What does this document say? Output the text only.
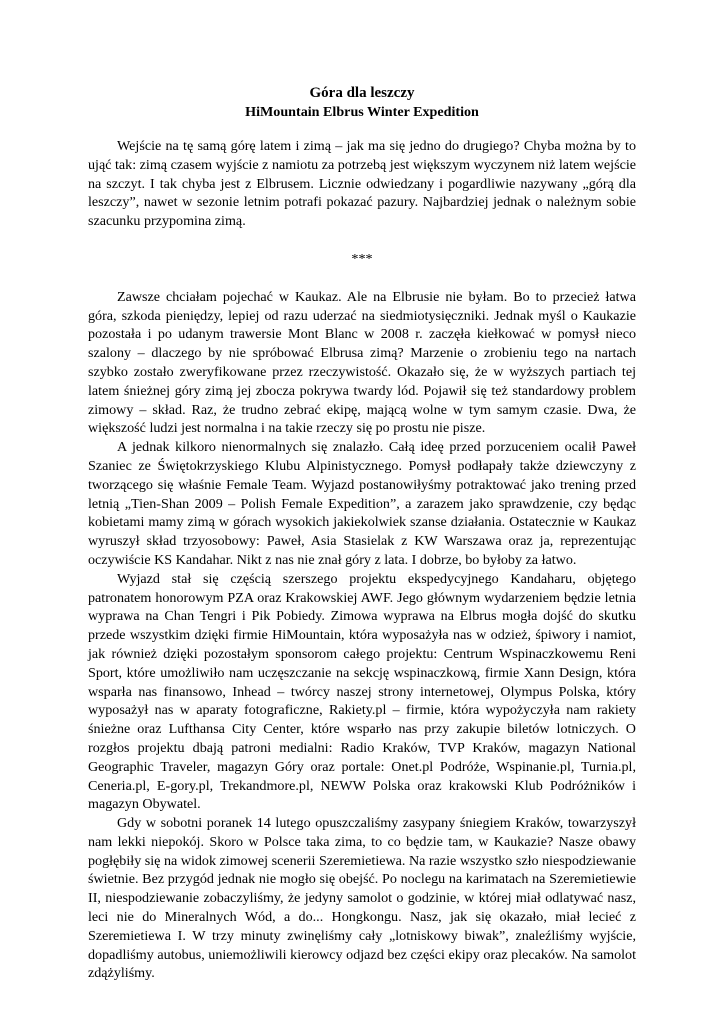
Góra dla leszczy
HiMountain Elbrus Winter Expedition

Wejście na tę samą górę latem i zimą – jak ma się jedno do drugiego? Chyba można by to ująć tak: zimą czasem wyjście z namiotu za potrzebą jest większym wyczynem niż latem wejście na szczyt. I tak chyba jest z Elbrusem. Licznie odwiedzany i pogardliwie nazywany „górą dla leszczy”, nawet w sezonie letnim potrafi pokazać pazury. Najbardziej jednak o należnym sobie szacunku przypomina zimą.

***

Zawsze chciałam pojechać w Kaukaz. Ale na Elbrusie nie byłam. Bo to przecież łatwa góra, szkoda pieniędzy, lepiej od razu uderzać na siedmiotysięczniki. Jednak myśl o Kaukazie pozostała i po udanym trawersie Mont Blanc w 2008 r. zaczęła kiełkować w pomysł nieco szalony – dlaczego by nie spróbować Elbrusa zimą? Marzenie o zrobieniu tego na nartach szybko zostało zweryfikowane przez rzeczywistość. Okazało się, że w wyższych partiach tej latem śnieżnej góry zimą jej zbocza pokrywa twardy lód. Pojawił się też standardowy problem zimowy – skład. Raz, że trudno zebrać ekipę, mającą wolne w tym samym czasie. Dwa, że większość ludzi jest normalna i na takie rzeczy się po prostu nie pisze.

A jednak kilkoro nienormalnych się znalazło. Całą ideę przed porzuceniem ocalił Paweł Szaniec ze Świętokrzyskiego Klubu Alpinistycznego. Pomysł podłapały także dziewczyny z tworzącego się właśnie Female Team. Wyjazd postanowiłyśmy potraktować jako trening przed letnią „Tien-Shan 2009 – Polish Female Expedition”, a zarazem jako sprawdzenie, czy będąc kobietami mamy zimą w górach wysokich jakiekolwiek szanse działania. Ostatecznie w Kaukaz wyruszył skład trzyosobowy: Paweł, Asia Stasielak z KW Warszawa oraz ja, reprezentując oczywiście KS Kandahar. Nikt z nas nie znał góry z lata. I dobrze, bo byłoby za łatwo.

Wyjazd stał się częścią szerszego projektu ekspedycyjnego Kandaharu, objętego patronatem honorowym PZA oraz Krakowskiej AWF. Jego głównym wydarzeniem będzie letnia wyprawa na Chan Tengri i Pik Pobiedy. Zimowa wyprawa na Elbrus mogła dojść do skutku przede wszystkim dzięki firmie HiMountain, która wyposażyła nas w odzież, śpiwory i namiot, jak również dzięki pozostałym sponsorom całego projektu: Centrum Wspinaczkowemu Reni Sport, które umożliwiło nam uczęszczanie na sekcję wspinaczkową, firmie Xann Design, która wsparła nas finansowo, Inhead – twórcy naszej strony internetowej, Olympus Polska, który wyposażył nas w aparaty fotograficzne, Rakiety.pl – firmie, która wypożyczyła nam rakiety śnieżne oraz Lufthansa City Center, które wsparło nas przy zakupie biletów lotniczych. O rozgłos projektu dbają patroni medialni: Radio Kraków, TVP Kraków, magazyn National Geographic Traveler, magazyn Góry oraz portale: Onet.pl Podróże, Wspinanie.pl, Turnia.pl, Ceneria.pl, E-gory.pl, Trekandmore.pl, NEWW Polska oraz krakowski Klub Podróżników i magazyn Obywatel.

Gdy w sobotni poranek 14 lutego opuszczaliśmy zasypany śniegiem Kraków, towarzyszył nam lekki niepokój. Skoro w Polsce taka zima, to co będzie tam, w Kaukazie? Nasze obawy pogłębiły się na widok zimowej scenerii Szeremietiewa. Na razie wszystko szło niespodziewanie świetnie. Bez przygód jednak nie mogło się obejść. Po noclegu na karimatach na Szeremietiewie II, niespodziewanie zobaczyliśmy, że jedyny samolot o godzinie, w której miał odlatywać nasz, leci nie do Mineralnych Wód, a do... Hongkongu. Nasz, jak się okazało, miał lecieć z Szeremietiewa I. W trzy minuty zwinęliśmy cały „lotniskowy biwak”, znaleźliśmy wyjście, dopadliśmy autobus, uniemożliwili kierowcy odjazd bez części ekipy oraz plecaków. Na samolot zdążyliśmy.
